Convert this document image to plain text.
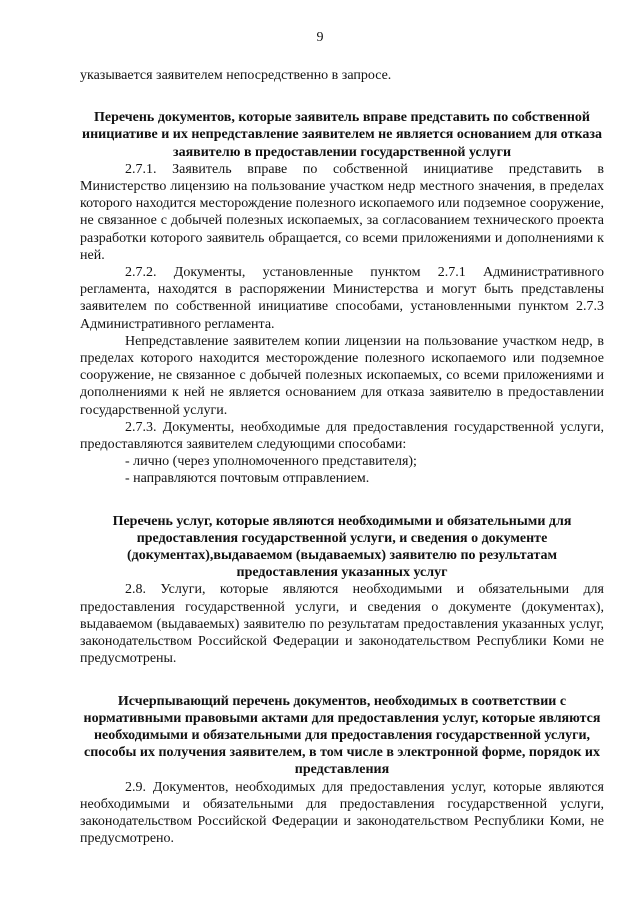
9

указывается заявителем непосредственно в запросе.

Перечень документов, которые заявитель вправе представить по собственной инициативе и их непредставление заявителем не является основанием для отказа заявителю в предоставлении государственной услуги

2.7.1. Заявитель вправе по собственной инициативе представить в Министерство лицензию на пользование участком недр местного значения, в пределах которого находится месторождение полезного ископаемого или подземное сооружение, не связанное с добычей полезных ископаемых, за согласованием технического проекта разработки которого заявитель обращается, со всеми приложениями и дополнениями к ней.

2.7.2. Документы, установленные пунктом 2.7.1 Административного регламента, находятся в распоряжении Министерства и могут быть представлены заявителем по собственной инициативе способами, установленными пунктом 2.7.3 Административного регламента.

Непредставление заявителем копии лицензии на пользование участком недр, в пределах которого находится месторождение полезного ископаемого или подземное сооружение, не связанное с добычей полезных ископаемых, со всеми приложениями и дополнениями к ней не является основанием для отказа заявителю в предоставлении государственной услуги.

2.7.3. Документы, необходимые для предоставления государственной услуги, предоставляются заявителем следующими способами:

- лично (через уполномоченного представителя);

- направляются почтовым отправлением.

Перечень услуг, которые являются необходимыми и обязательными для предоставления государственной услуги, и сведения о документе (документах),выдаваемом (выдаваемых) заявителю по результатам предоставления указанных услуг

2.8. Услуги, которые являются необходимыми и обязательными для предоставления государственной услуги, и сведения о документе (документах), выдаваемом (выдаваемых) заявителю по результатам предоставления указанных услуг, законодательством Российской Федерации и законодательством Республики Коми не предусмотрены.

Исчерпывающий перечень документов, необходимых в соответствии с нормативными правовыми актами для предоставления услуг, которые являются необходимыми и обязательными для предоставления государственной услуги, способы их получения заявителем, в том числе в электронной форме, порядок их представления

2.9. Документов, необходимых для предоставления услуг, которые являются необходимыми и обязательными для предоставления государственной услуги, законодательством Российской Федерации и законодательством Республики Коми, не предусмотрено.
